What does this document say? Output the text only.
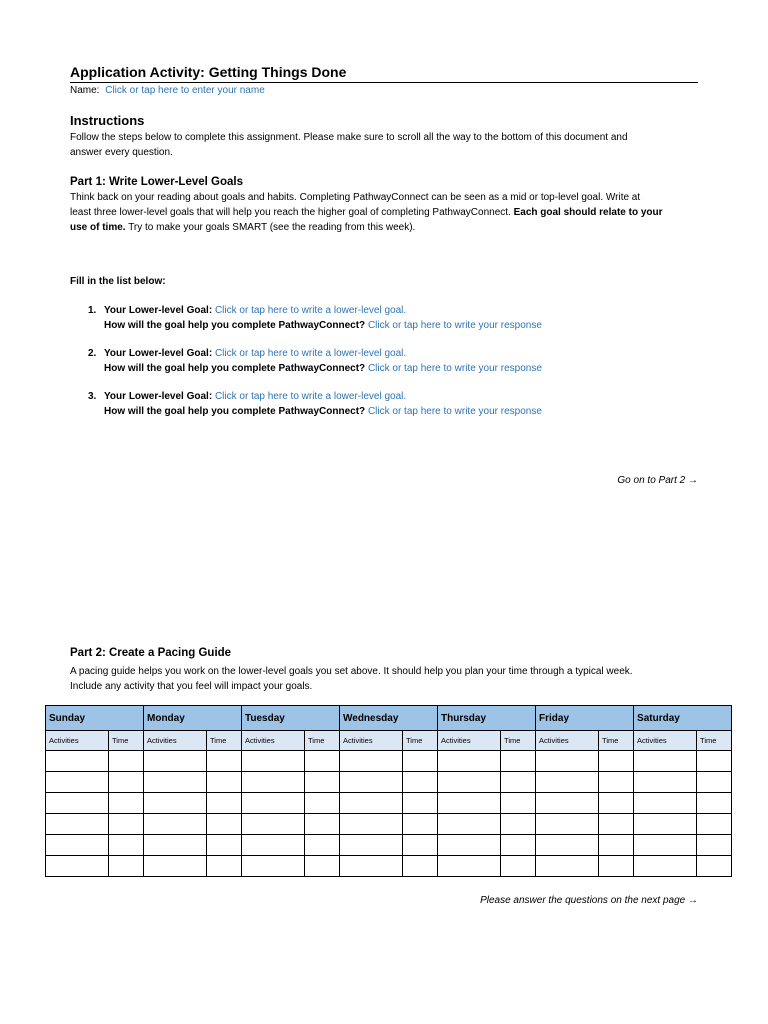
Application Activity: Getting Things Done
Name: Click or tap here to enter your name
Instructions
Follow the steps below to complete this assignment. Please make sure to scroll all the way to the bottom of this document and
answer every question.
Part 1: Write Lower-Level Goals
Think back on your reading about goals and habits. Completing PathwayConnect can be seen as a mid or top-level goal. Write at
least three lower-level goals that will help you reach the higher goal of completing PathwayConnect. Each goal should relate to your
use of time. Try to make your goals SMART (see the reading from this week).
Fill in the list below:
1. Your Lower-level Goal: Click or tap here to write a lower-level goal.
How will the goal help you complete PathwayConnect? Click or tap here to write your response
2. Your Lower-level Goal: Click or tap here to write a lower-level goal.
How will the goal help you complete PathwayConnect? Click or tap here to write your response
3. Your Lower-level Goal: Click or tap here to write a lower-level goal.
How will the goal help you complete PathwayConnect? Click or tap here to write your response
Go on to Part 2 →
Part 2: Create a Pacing Guide
A pacing guide helps you work on the lower-level goals you set above. It should help you plan your time through a typical week.
Include any activity that you feel will impact your goals.
Sunday		Monday		Tuesday		Wednesday		Thursday		Friday		Saturday	
Activities	Time	Activities	Time	Activities	Time	Activities	Time	Activities	Time	Activities	Time	Activities	Time

Please answer the questions on the next page →
